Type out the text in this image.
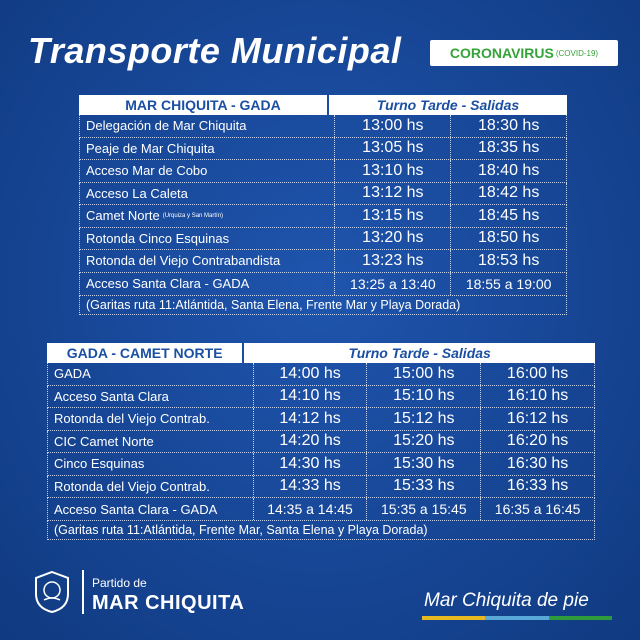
Transporte Municipal	CORONAVIRUS (COVID-19)
MAR CHIQUITA - GADA	Turno Tarde - Salidas
Delegación de Mar Chiquita	13:00 hs	18:30 hs
Peaje de Mar Chiquita	13:05 hs	18:35 hs
Acceso Mar de Cobo	13:10 hs	18:40 hs
Acceso La Caleta	13:12 hs	18:42 hs
Camet Norte (Urquiza y San Martín)	13:15 hs	18:45 hs
Rotonda Cinco Esquinas	13:20 hs	18:50 hs
Rotonda del Viejo Contrabandista	13:23 hs	18:53 hs
Acceso Santa Clara - GADA	13:25 a 13:40	18:55 a 19:00
(Garitas ruta 11:Atlántida, Santa Elena, Frente Mar y Playa Dorada)
GADA - CAMET NORTE	Turno Tarde - Salidas
GADA	14:00 hs	15:00 hs	16:00 hs
Acceso Santa Clara	14:10 hs	15:10 hs	16:10 hs
Rotonda del Viejo Contrab.	14:12 hs	15:12 hs	16:12 hs
CIC Camet Norte	14:20 hs	15:20 hs	16:20 hs
Cinco Esquinas	14:30 hs	15:30 hs	16:30 hs
Rotonda del Viejo Contrab.	14:33 hs	15:33 hs	16:33 hs
Acceso Santa Clara - GADA	14:35 a 14:45	15:35 a 15:45	16:35 a 16:45
(Garitas ruta 11:Atlántida, Frente Mar, Santa Elena y Playa Dorada)
Partido de
MAR CHIQUITA	Mar Chiquita de pie
